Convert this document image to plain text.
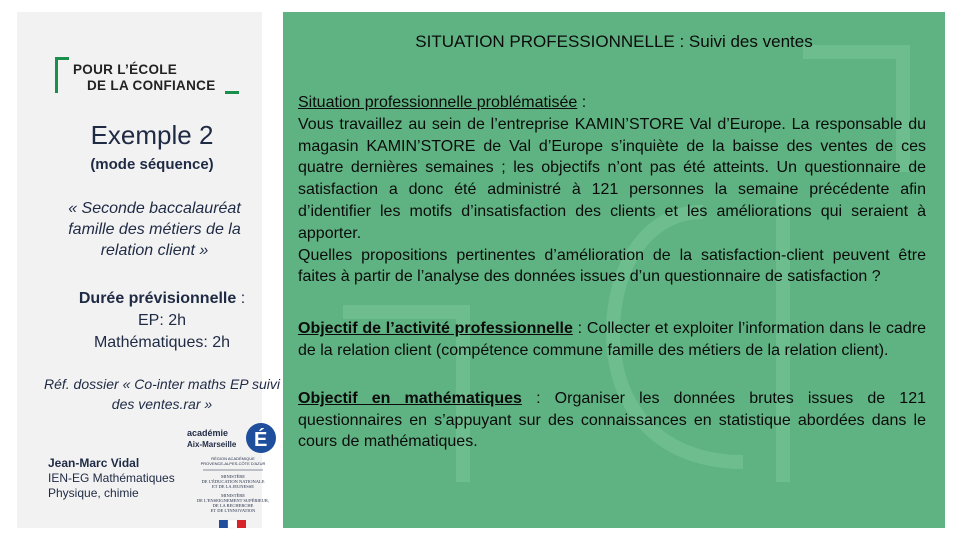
POUR L’ÉCOLE
DE LA CONFIANCE
Exemple 2
(mode séquence)
« Seconde baccalauréat famille des métiers de la relation client »
Durée prévisionnelle :
EP: 2h
Mathématiques: 2h
Réf. dossier « Co-inter maths EP suivi des ventes.rar »
Jean-Marc Vidal
IEN-EG Mathématiques
Physique, chimie
académie
Aix-Marseille É
RÉGION ACADÉMIQUE
PROVENCE-ALPES-CÔTE D'AZUR
MINISTÈRE
DE L'ÉDUCATION NATIONALE
ET DE LA JEUNESSE
MINISTÈRE
DE L'ENSEIGNEMENT SUPÉRIEUR,
DE LA RECHERCHE
ET DE L'INNOVATION
SITUATION PROFESSIONNELLE : Suivi des ventes

Situation professionnelle problématisée :

Vous travaillez au sein de l’entreprise KAMIN’STORE Val d’Europe. La responsable du magasin KAMIN’STORE de Val d’Europe s’inquiète de la baisse des ventes de ces quatre dernières semaines ; les objectifs n’ont pas été atteints. Un questionnaire de satisfaction a donc été administré à 121 personnes la semaine précédente afin d’identifier les motifs d’insatisfaction des clients et les améliorations qui seraient à apporter.

Quelles propositions pertinentes d’amélioration de la satisfaction-client peuvent être faites à partir de l’analyse des données issues d’un questionnaire de satisfaction ?

Objectif de l’activité professionnelle : Collecter et exploiter l’information dans le cadre de la relation client (compétence commune famille des métiers de la relation client).

Objectif en mathématiques : Organiser les données brutes issues de 121 questionnaires en s’appuyant sur des connaissances en statistique abordées dans le cours de mathématiques.
